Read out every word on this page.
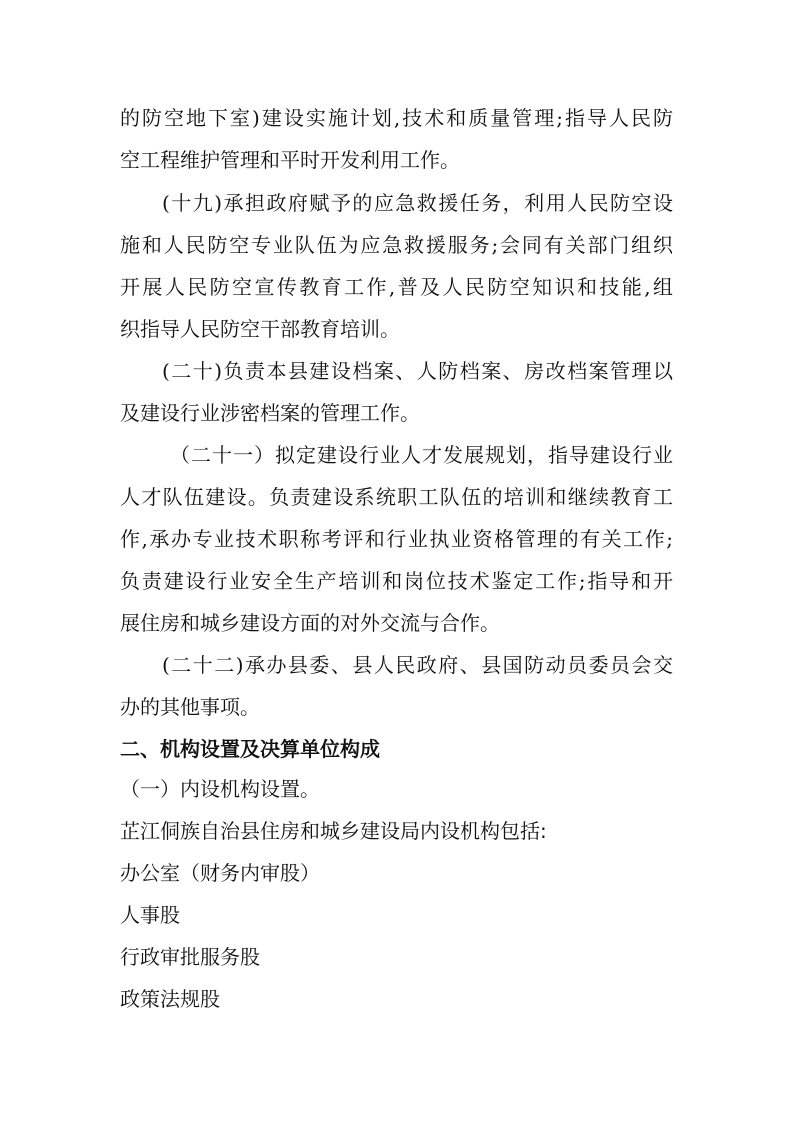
的防空地下室)建设实施计划,技术和质量管理;指导人民防
空工程维护管理和平时开发利用工作。
(十九)承担政府赋予的应急救援任务，利用人民防空设
施和人民防空专业队伍为应急救援服务;会同有关部门组织
开展人民防空宣传教育工作,普及人民防空知识和技能,组
织指导人民防空干部教育培训。
(二十)负责本县建设档案、人防档案、房改档案管理以
及建设行业涉密档案的管理工作。
（二十一）拟定建设行业人才发展规划，指导建设行业
人才队伍建设。负责建设系统职工队伍的培训和继续教育工
作,承办专业技术职称考评和行业执业资格管理的有关工作;
负责建设行业安全生产培训和岗位技术鉴定工作;指导和开
展住房和城乡建设方面的对外交流与合作。
(二十二)承办县委、县人民政府、县国防动员委员会交
办的其他事项。
二、机构设置及决算单位构成
（一）内设机构设置。
芷江侗族自治县住房和城乡建设局内设机构包括:
办公室（财务内审股）
人事股
行政审批服务股
政策法规股
